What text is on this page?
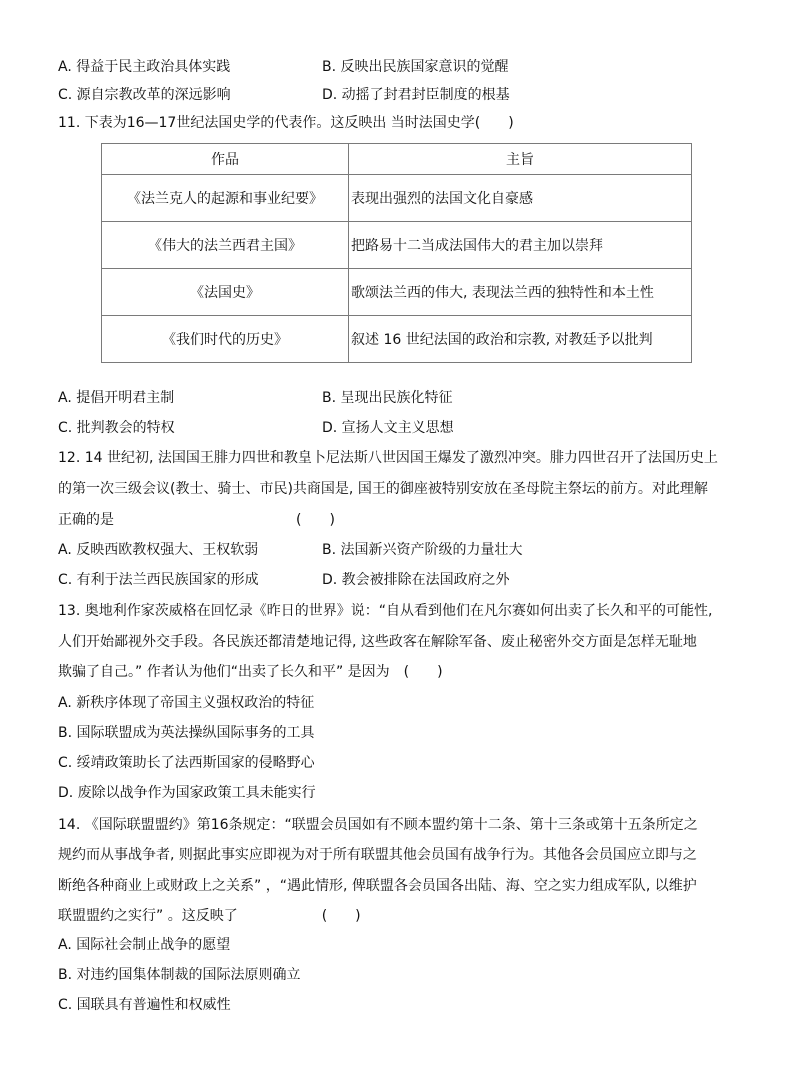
A. 得益于民主政治具体实践	B. 反映出民族国家意识的觉醒
C. 源自宗教改革的深远影响	D. 动摇了封君封臣制度的根基
11. 下表为16—17世纪法国史学的代表作。这反映出 当时法国史学(　　)
作品	主旨
《法兰克人的起源和事业纪要》	表现出强烈的法国文化自豪感
《伟大的法兰西君主国》	把路易十二当成法国伟大的君主加以崇拜
《法国史》	歌颂法兰西的伟大, 表现法兰西的独特性和本土性
《我们时代的历史》	叙述 16 世纪法国的政治和宗教, 对教廷予以批判
A. 提倡开明君主制	B. 呈现出民族化特征
C. 批判教会的特权	D. 宣扬人文主义思想
12. 14 世纪初, 法国国王腓力四世和教皇卜尼法斯八世因国王爆发了激烈冲突。腓力四世召开了法国历史上
的第一次三级会议(教士、骑士、市民)共商国是, 国王的御座被特别安放在圣母院主祭坛的前方。对此理解
正确的是　　　　　　　　　　　　　(　　)
A. 反映西欧教权强大、王权软弱	B. 法国新兴资产阶级的力量壮大
C. 有利于法兰西民族国家的形成	D. 教会被排除在法国政府之外
13. 奥地利作家茨威格在回忆录《昨日的世界》说：“自从看到他们在凡尔赛如何出卖了长久和平的可能性,
人们开始鄙视外交手段。各民族还都清楚地记得, 这些政客在解除军备、废止秘密外交方面是怎样无耻地
欺骗了自己。” 作者认为他们“出卖了长久和平” 是因为　(　　)
A. 新秩序体现了帝国主义强权政治的特征
B. 国际联盟成为英法操纵国际事务的工具
C. 绥靖政策助长了法西斯国家的侵略野心
D. 废除以战争作为国家政策工具未能实行
14. 《国际联盟盟约》第16条规定：“联盟会员国如有不顾本盟约第十二条、第十三条或第十五条所定之
规约而从事战争者, 则据此事实应即视为对于所有联盟其他会员国有战争行为。其他各会员国应立即与之
断绝各种商业上或财政上之关系” ，“遇此情形, 俾联盟各会员国各出陆、海、空之实力组成军队, 以维护
联盟盟约之实行” 。这反映了　　　　　　(　　)
A. 国际社会制止战争的愿望
B. 对违约国集体制裁的国际法原则确立
C. 国联具有普遍性和权威性
